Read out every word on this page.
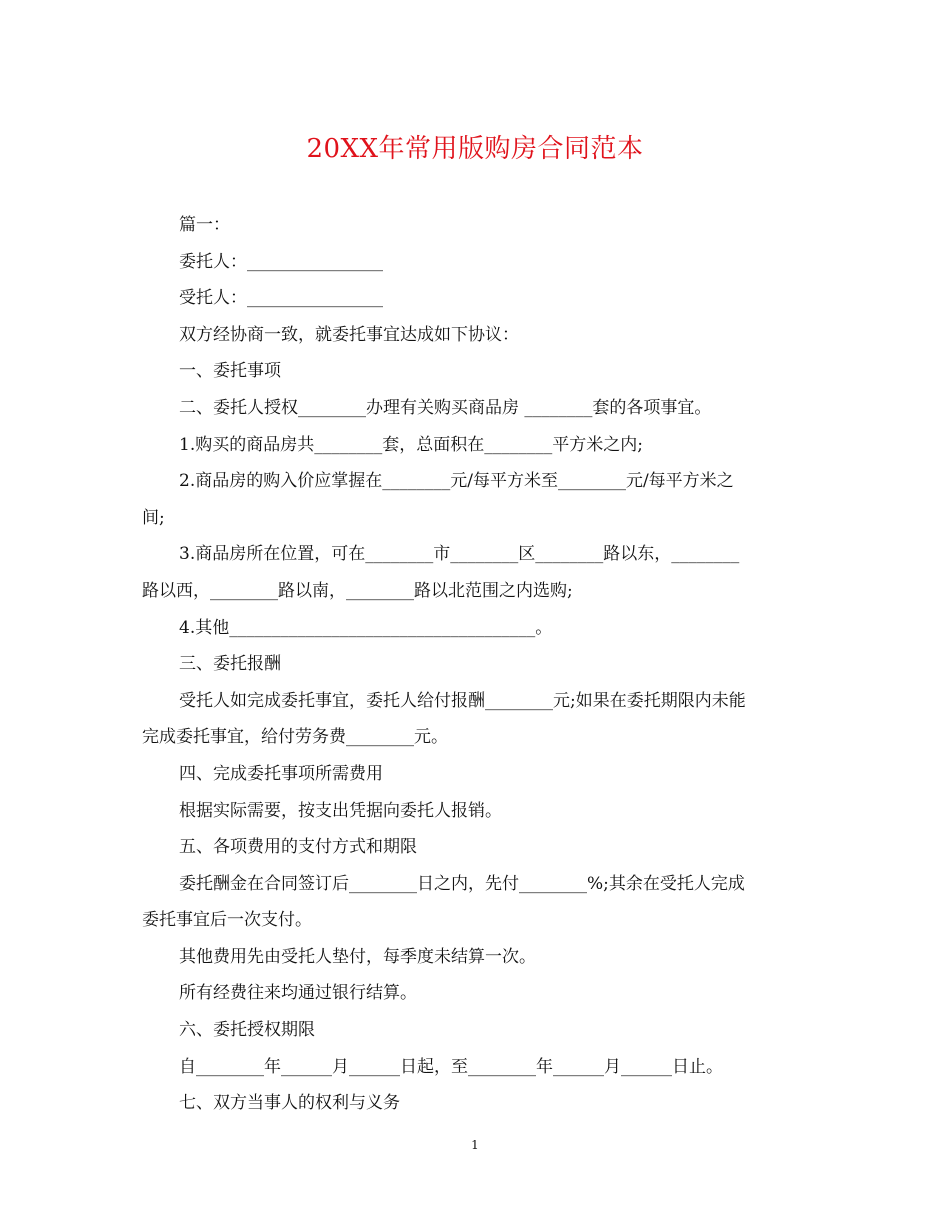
20XX年常用版购房合同范本
篇一：
委托人：________________
受托人：________________
双方经协商一致，就委托事宜达成如下协议：
一、委托事项
二、委托人授权________办理有关购买商品房 ________套的各项事宜。
1.购买的商品房共________套，总面积在________平方米之内;
2.商品房的购入价应掌握在________元/每平方米至________元/每平方米之
间;
3.商品房所在位置，可在________市________区________路以东，________
路以西，________路以南，________路以北范围之内选购;
4.其他____________________________________。
三、委托报酬
受托人如完成委托事宜，委托人给付报酬________元;如果在委托期限内未能
完成委托事宜，给付劳务费________元。
四、完成委托事项所需费用
根据实际需要，按支出凭据向委托人报销。
五、各项费用的支付方式和期限
委托酬金在合同签订后________日之内，先付________%;其余在受托人完成
委托事宜后一次支付。
其他费用先由受托人垫付，每季度未结算一次。
所有经费往来均通过银行结算。
六、委托授权期限
自________年______月______日起，至________年______月______日止。
七、双方当事人的权利与义务
1
